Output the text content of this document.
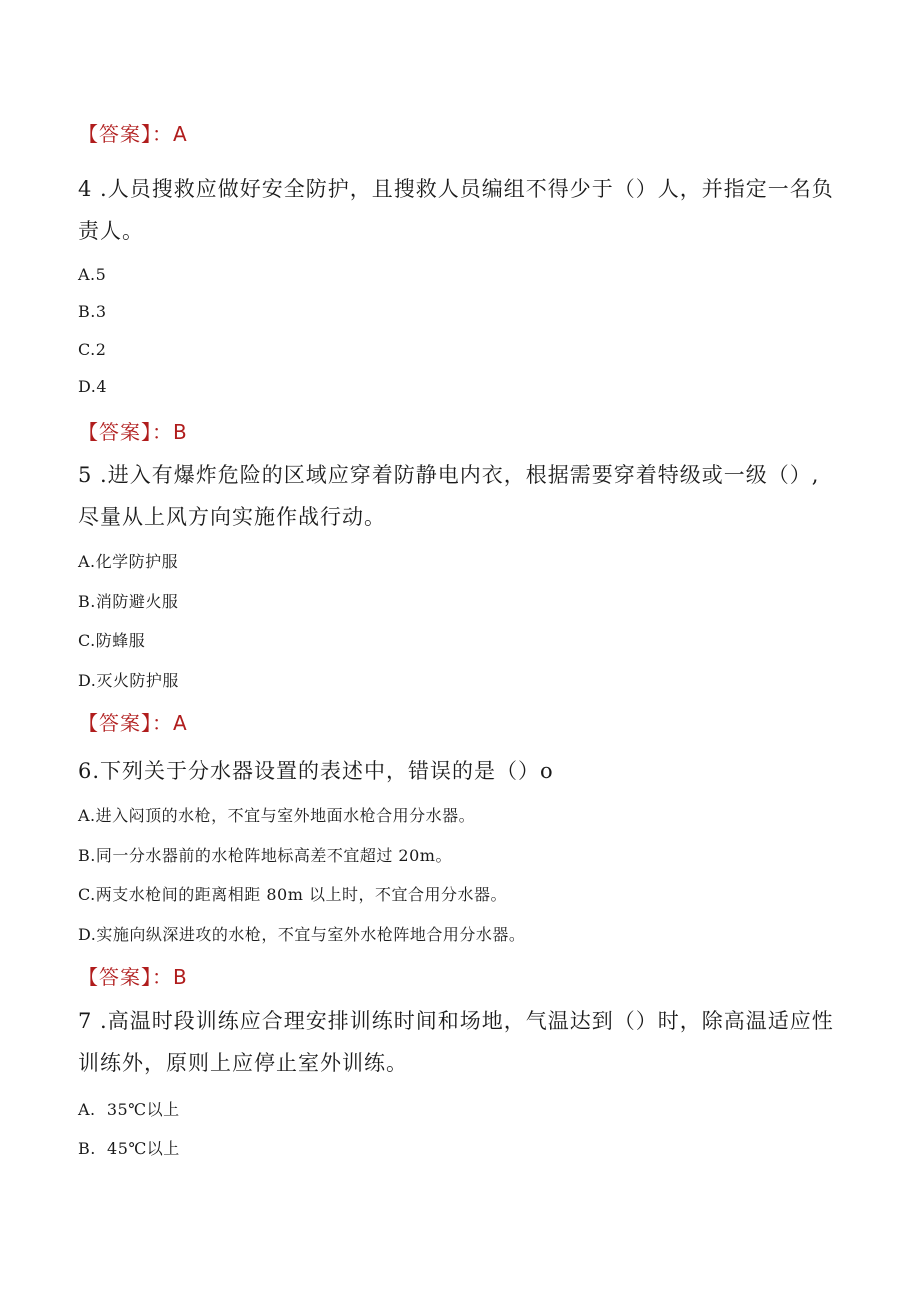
【答案】：A
4 .人员搜救应做好安全防护，且搜救人员编组不得少于（）人，并指定一名负责人。
A.5
B.3
C.2
D.4
【答案】：B
5 .进入有爆炸危险的区域应穿着防静电内衣，根据需要穿着特级或一级（）,尽量从上风方向实施作战行动。
A.化学防护服
B.消防避火服
C.防蜂服
D.灭火防护服
【答案】：A
6.下列关于分水器设置的表述中，错误的是（）o
A.进入闷顶的水枪，不宜与室外地面水枪合用分水器。
B.同一分水器前的水枪阵地标高差不宜超过 20m。
C.两支水枪间的距离相距 80m 以上时，不宜合用分水器。
D.实施向纵深进攻的水枪，不宜与室外水枪阵地合用分水器。
【答案】：B
7 .高温时段训练应合理安排训练时间和场地，气温达到（）时，除高温适应性训练外，原则上应停止室外训练。
A.  35℃以上
B.  45℃以上
